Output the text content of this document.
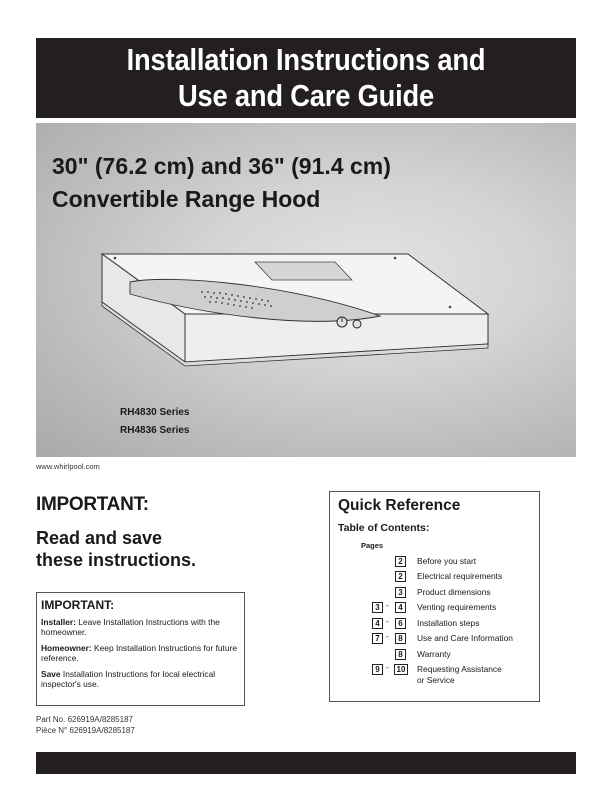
Installation Instructions and
Use and Care Guide
30" (76.2 cm) and 36" (91.4 cm)
Convertible Range Hood
RH4830 Series
RH4836 Series
www.whirlpool.com
IMPORTANT:
Read and save
these instructions.
IMPORTANT:

Installer: Leave Installation Instructions with the homeowner.

Homeowner: Keep Installation Instructions for future reference.

Save Installation Instructions for local electrical inspector's use.

Part No. 626919A/8285187
Pièce N° 626919A/8285187
Quick Reference
Table of Contents:
Pages
2	Before you start
2	Electrical requirements
3	Product dimensions
3 -	4	Venting requirements
4 -	6	Installation steps
7 -	8	Use and Care Information
8	Warranty
9 - 10	Requesting Assistance
or Service
